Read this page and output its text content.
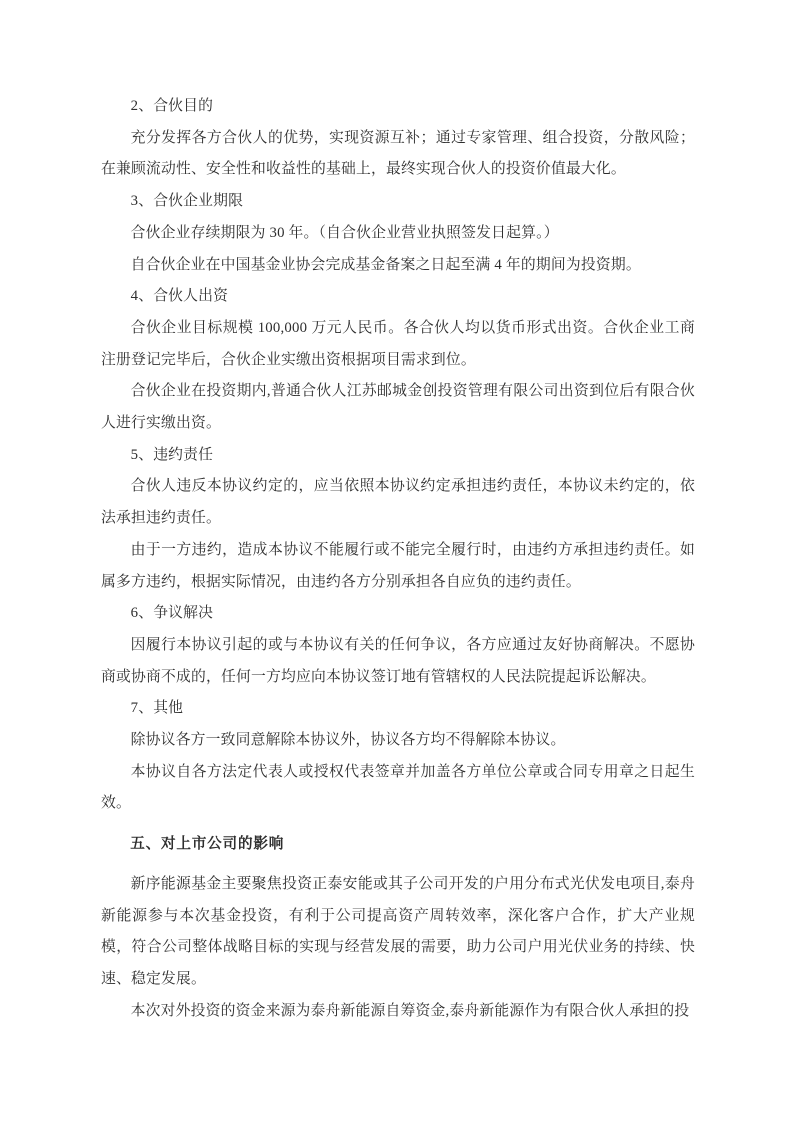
2、合伙目的

充分发挥各方合伙人的优势，实现资源互补；通过专家管理、组合投资，分散风险；在兼顾流动性、安全性和收益性的基础上，最终实现合伙人的投资价值最大化。

3、合伙企业期限

合伙企业存续期限为 30 年。（自合伙企业营业执照签发日起算。）

自合伙企业在中国基金业协会完成基金备案之日起至满 4 年的期间为投资期。

4、合伙人出资

合伙企业目标规模 100,000 万元人民币。各合伙人均以货币形式出资。合伙企业工商注册登记完毕后，合伙企业实缴出资根据项目需求到位。

合伙企业在投资期内,普通合伙人江苏邮城金创投资管理有限公司出资到位后有限合伙人进行实缴出资。

5、违约责任

合伙人违反本协议约定的，应当依照本协议约定承担违约责任，本协议未约定的，依法承担违约责任。

由于一方违约，造成本协议不能履行或不能完全履行时，由违约方承担违约责任。如属多方违约，根据实际情况，由违约各方分别承担各自应负的违约责任。

6、争议解决

因履行本协议引起的或与本协议有关的任何争议，各方应通过友好协商解决。不愿协商或协商不成的，任何一方均应向本协议签订地有管辖权的人民法院提起诉讼解决。

7、其他

除协议各方一致同意解除本协议外，协议各方均不得解除本协议。

本协议自各方法定代表人或授权代表签章并加盖各方单位公章或合同专用章之日起生效。

五、对上市公司的影响

新序能源基金主要聚焦投资正泰安能或其子公司开发的户用分布式光伏发电项目,泰舟新能源参与本次基金投资，有利于公司提高资产周转效率，深化客户合作，扩大产业规模，符合公司整体战略目标的实现与经营发展的需要，助力公司户用光伏业务的持续、快速、稳定发展。

本次对外投资的资金来源为泰舟新能源自筹资金,泰舟新能源作为有限合伙人承担的投
